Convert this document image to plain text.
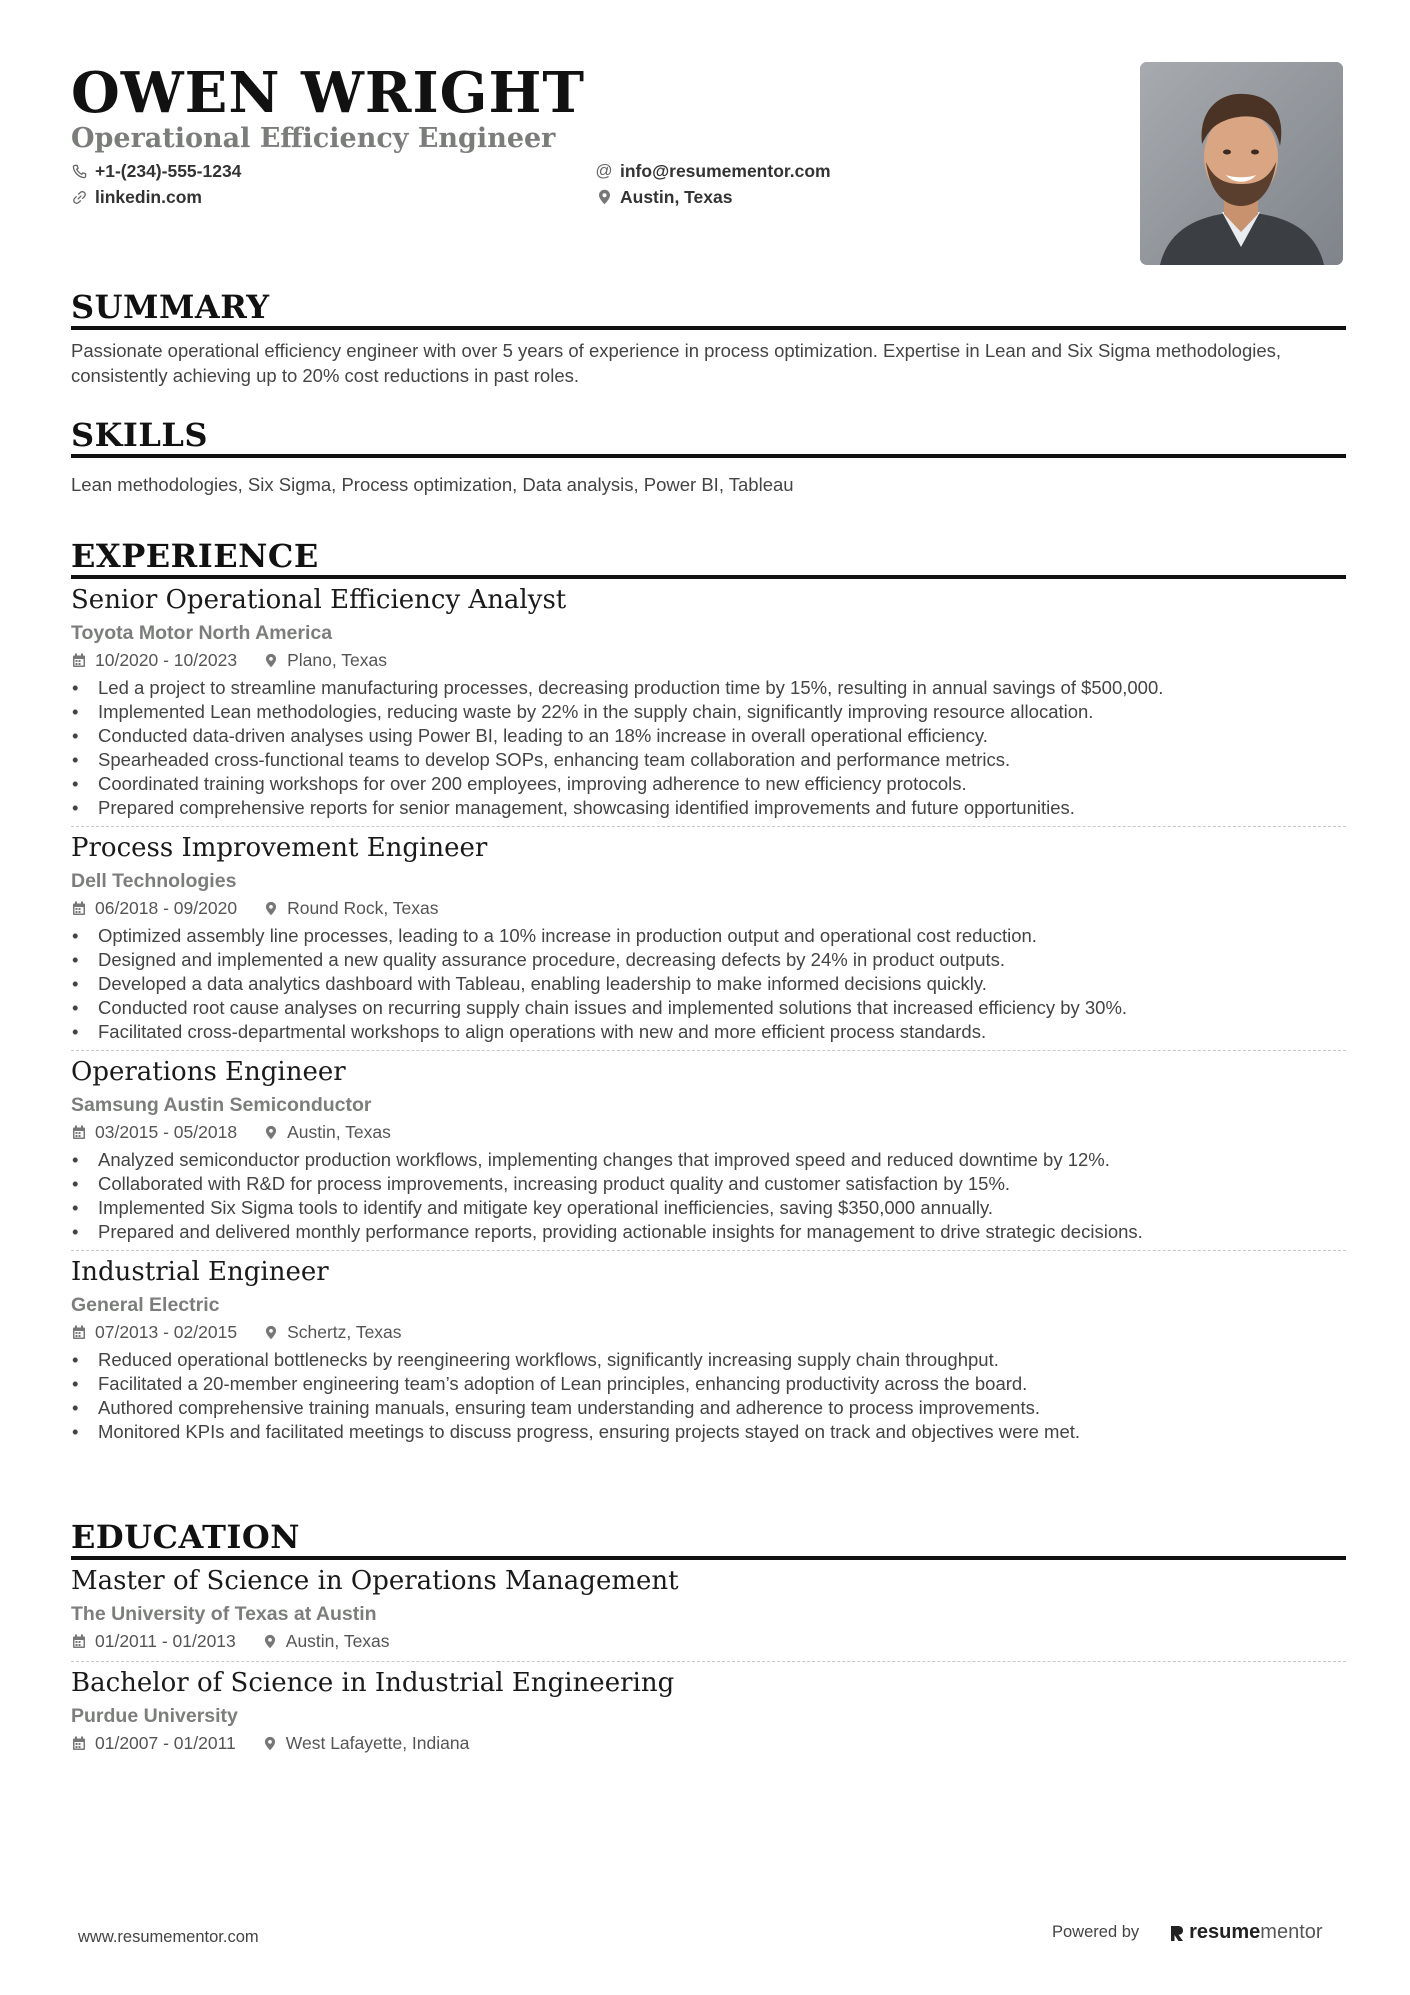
OWEN WRIGHT
Operational Efficiency Engineer
+1-(234)-555-1234	@ info@resumementor.com
linkedin.com	Austin, Texas
SUMMARY
Passionate operational efficiency engineer with over 5 years of experience in process optimization. Expertise in Lean and Six Sigma methodologies, consistently achieving up to 20% cost reductions in past roles.
SKILLS
Lean methodologies, Six Sigma, Process optimization, Data analysis, Power BI, Tableau
EXPERIENCE
Senior Operational Efficiency Analyst
Toyota Motor North America
10/2020 - 10/2023	Plano, Texas
• Led a project to streamline manufacturing processes, decreasing production time by 15%, resulting in annual savings of $500,000.
• Implemented Lean methodologies, reducing waste by 22% in the supply chain, significantly improving resource allocation.
• Conducted data-driven analyses using Power BI, leading to an 18% increase in overall operational efficiency.
• Spearheaded cross-functional teams to develop SOPs, enhancing team collaboration and performance metrics.
• Coordinated training workshops for over 200 employees, improving adherence to new efficiency protocols.
• Prepared comprehensive reports for senior management, showcasing identified improvements and future opportunities.
Process Improvement Engineer
Dell Technologies
06/2018 - 09/2020	Round Rock, Texas
• Optimized assembly line processes, leading to a 10% increase in production output and operational cost reduction.
• Designed and implemented a new quality assurance procedure, decreasing defects by 24% in product outputs.
• Developed a data analytics dashboard with Tableau, enabling leadership to make informed decisions quickly.
• Conducted root cause analyses on recurring supply chain issues and implemented solutions that increased efficiency by 30%.
• Facilitated cross-departmental workshops to align operations with new and more efficient process standards.
Operations Engineer
Samsung Austin Semiconductor
03/2015 - 05/2018	Austin, Texas
• Analyzed semiconductor production workflows, implementing changes that improved speed and reduced downtime by 12%.
• Collaborated with R&D for process improvements, increasing product quality and customer satisfaction by 15%.
• Implemented Six Sigma tools to identify and mitigate key operational inefficiencies, saving $350,000 annually.
• Prepared and delivered monthly performance reports, providing actionable insights for management to drive strategic decisions.
Industrial Engineer
General Electric
07/2013 - 02/2015	Schertz, Texas
• Reduced operational bottlenecks by reengineering workflows, significantly increasing supply chain throughput.
• Facilitated a 20-member engineering team’s adoption of Lean principles, enhancing productivity across the board.
• Authored comprehensive training manuals, ensuring team understanding and adherence to process improvements.
• Monitored KPIs and facilitated meetings to discuss progress, ensuring projects stayed on track and objectives were met.
EDUCATION
Master of Science in Operations Management
The University of Texas at Austin
01/2011 - 01/2013	Austin, Texas
Bachelor of Science in Industrial Engineering
Purdue University
01/2007 - 01/2011	West Lafayette, Indiana
www.resumementor.com	Powered by	resume mentor
